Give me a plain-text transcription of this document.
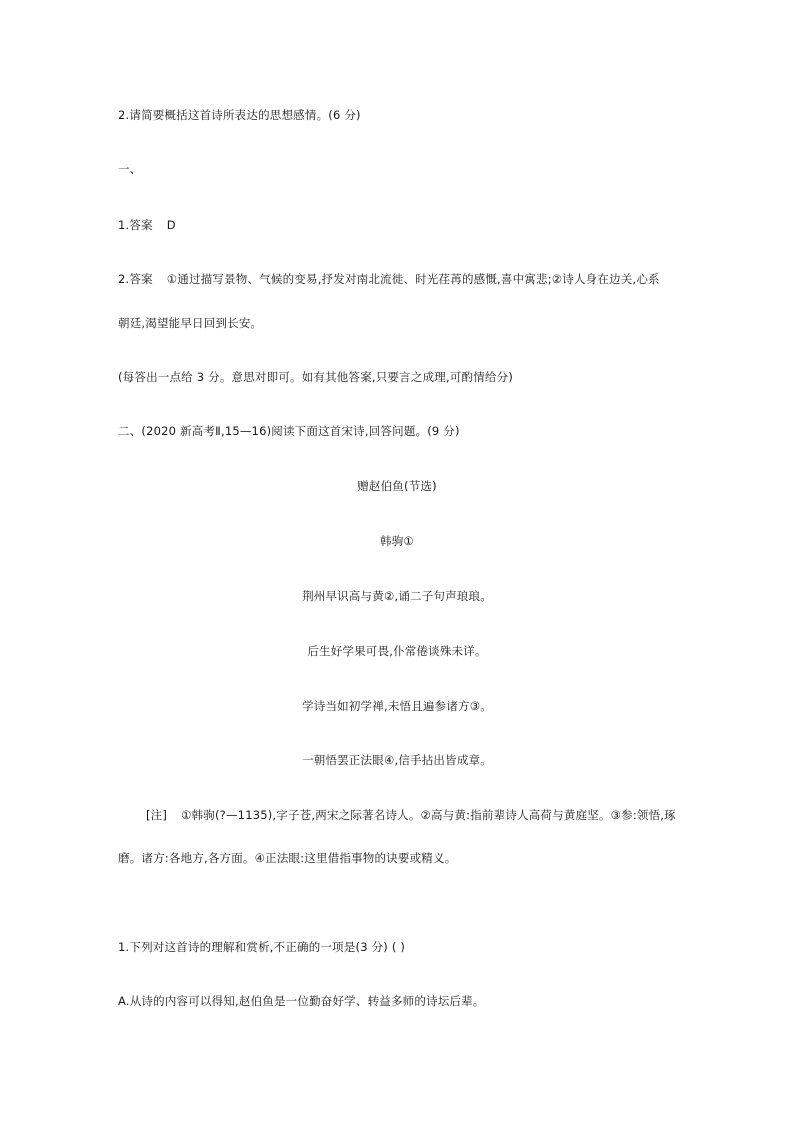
2.请简要概括这首诗所表达的思想感情。(6 分)
一、
1.答案 D
2.答案 ①通过描写景物、气候的变易,抒发对南北流徙、时光荏苒的感慨,喜中寓悲;②诗人身在边关,心系
朝廷,渴望能早日回到长安。
(每答出一点给 3 分。意思对即可。如有其他答案,只要言之成理,可酌情给分)
二、(2020 新高考Ⅱ,15—16)阅读下面这首宋诗,回答问题。(9 分)
赠赵伯鱼(节选)
韩驹①
荆州早识高与黄②,诵二子句声琅琅。
后生好学果可畏,仆常倦谈殊未详。
学诗当如初学禅,未悟且遍参诸方③。
一朝悟罢正法眼④,信手拈出皆成章。
[注] ①韩驹(?—1135),字子苍,两宋之际著名诗人。②高与黄:指前辈诗人高荷与黄庭坚。③参:领悟,琢
磨。诸方:各地方,各方面。④正法眼:这里借指事物的诀要或精义。
1.下列对这首诗的理解和赏析,不正确的一项是(3 分) ( )
A.从诗的内容可以得知,赵伯鱼是一位勤奋好学、转益多师的诗坛后辈。
